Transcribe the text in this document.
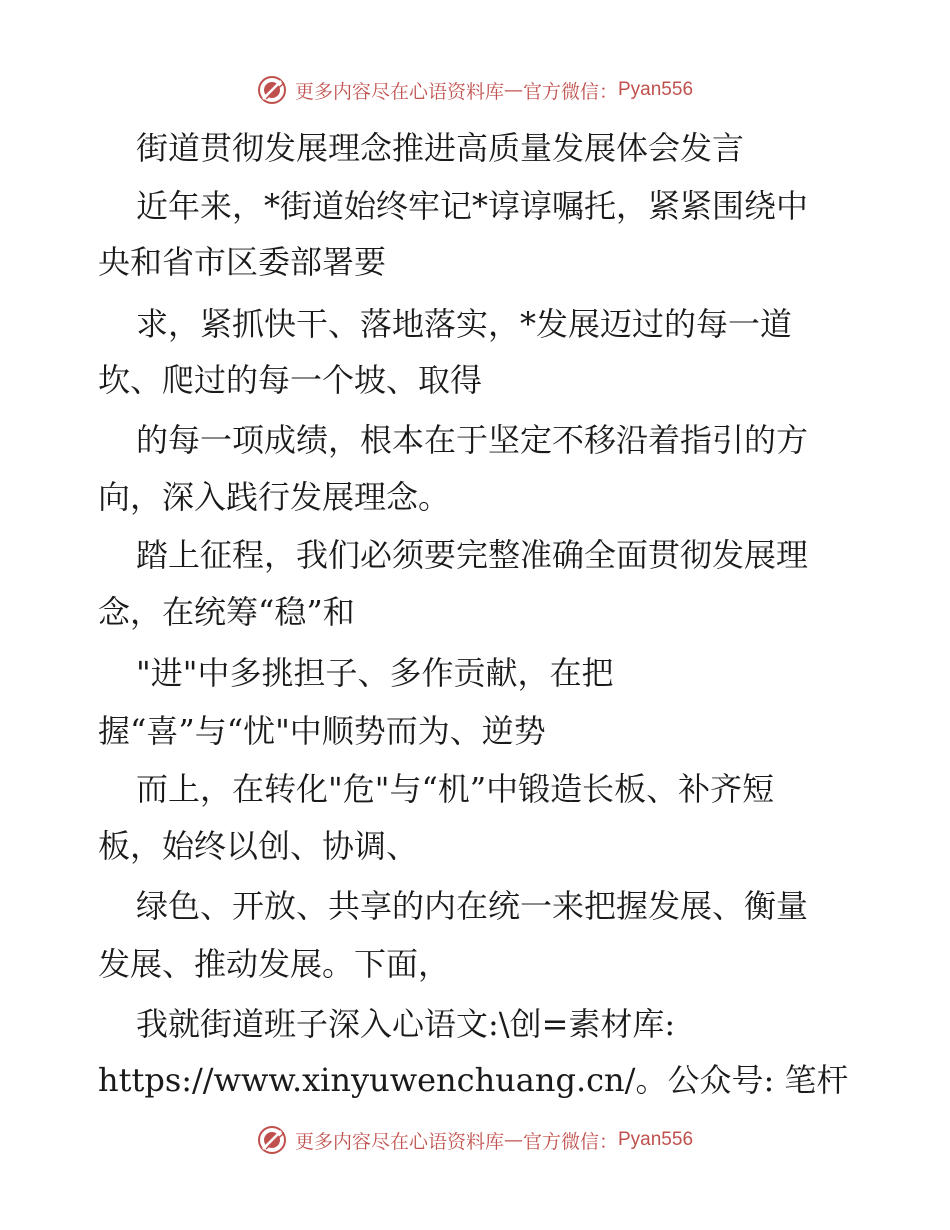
更多内容尽在心语资料库 — 官方微信： Pyan556
街道贯彻发展理念推进高质量发展体会发言
近年来，*街道始终牢记*谆谆嘱托，紧紧围绕中
央和省市区委部署要
求，紧抓快干、落地落实，*发展迈过的每一道
坎、爬过的每一个坡、取得
的每一项成绩，根本在于坚定不移沿着指引的方
向，深入践行发展理念。
踏上征程，我们必须要完整准确全面贯彻发展理
念，在统筹“稳”和
"进"中多挑担子、多作贡献，在把
握“喜”与“忧"中顺势而为、逆势
而上，在转化"危"与“机”中锻造长板、补齐短
板，始终以创、协调、
绿色、开放、共享的内在统一来把握发展、衡量
发展、推动发展。下面，
我就街道班子深入心语文:\创=素材库:
https://www.xinyuwenchuang.cn/。公众号: 笔杆
更多内容尽在心语资料库 — 官方微信： Pyan556
